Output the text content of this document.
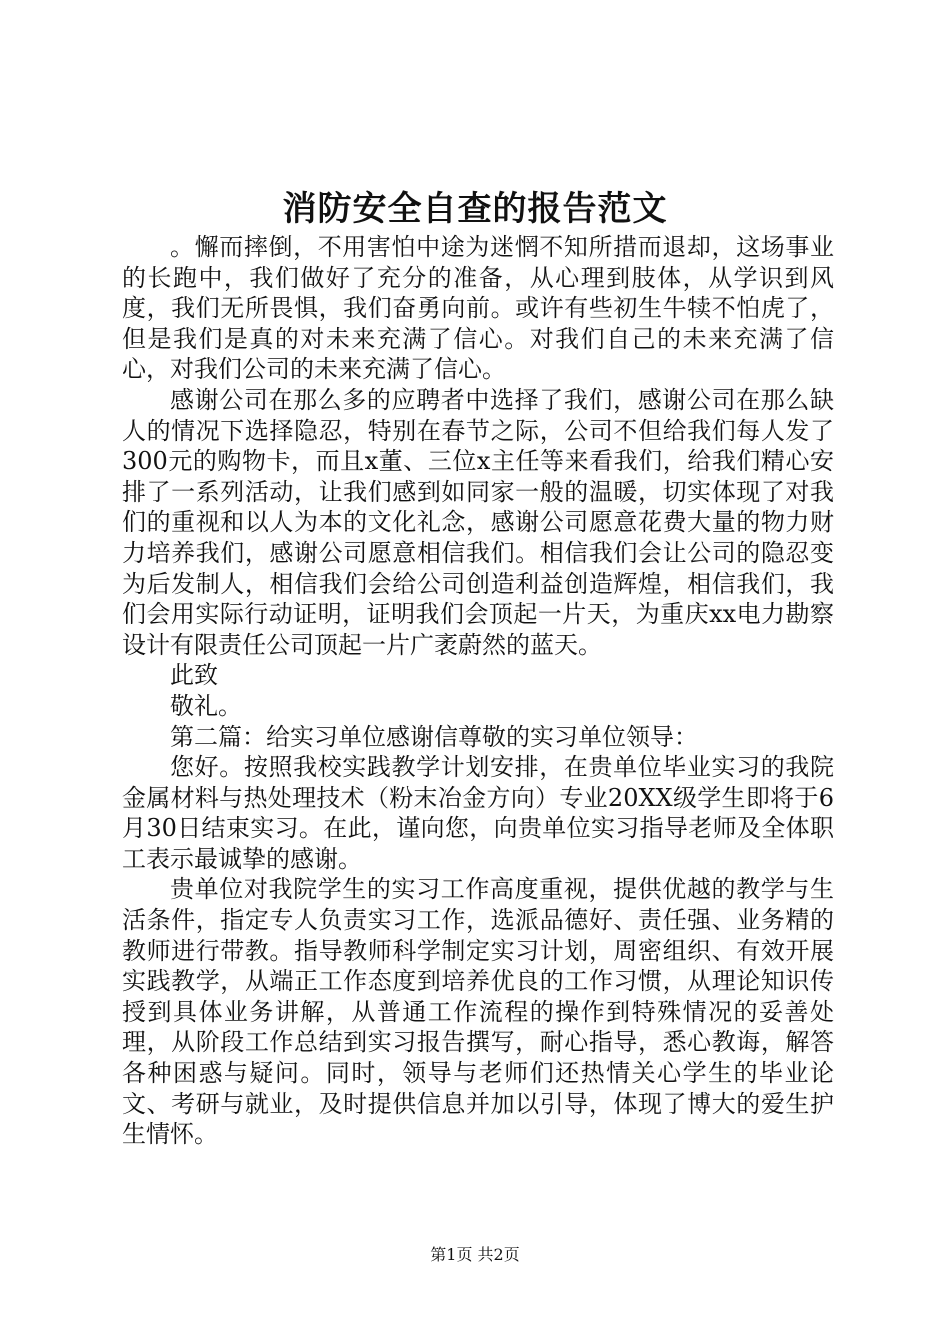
消防安全自查的报告范文

。懈而摔倒，不用害怕中途为迷惘不知所措而退却，这场事业的长跑中，我们做好了充分的准备，从心理到肢体，从学识到风度，我们无所畏惧，我们奋勇向前。或许有些初生牛犊不怕虎了，但是我们是真的对未来充满了信心。对我们自己的未来充满了信心，对我们公司的未来充满了信心。

感谢公司在那么多的应聘者中选择了我们，感谢公司在那么缺人的情况下选择隐忍，特别在春节之际，公司不但给我们每人发了300元的购物卡，而且x董、三位x主任等来看我们，给我们精心安排了一系列活动，让我们感到如同家一般的温暖，切实体现了对我们的重视和以人为本的文化礼念，感谢公司愿意花费大量的物力财力培养我们，感谢公司愿意相信我们。相信我们会让公司的隐忍变为后发制人，相信我们会给公司创造利益创造辉煌，相信我们，我们会用实际行动证明，证明我们会顶起一片天，为重庆xx电力勘察设计有限责任公司顶起一片广袤蔚然的蓝天。

此致

敬礼。

第二篇：给实习单位感谢信尊敬的实习单位领导：

您好。按照我校实践教学计划安排，在贵单位毕业实习的我院金属材料与热处理技术（粉末冶金方向）专业20XX级学生即将于6月30日结束实习。在此，谨向您，向贵单位实习指导老师及全体职工表示最诚挚的感谢。

贵单位对我院学生的实习工作高度重视，提供优越的教学与生活条件，指定专人负责实习工作，选派品德好、责任强、业务精的教师进行带教。指导教师科学制定实习计划，周密组织、有效开展实践教学，从端正工作态度到培养优良的工作习惯，从理论知识传授到具体业务讲解，从普通工作流程的操作到特殊情况的妥善处理，从阶段工作总结到实习报告撰写，耐心指导，悉心教诲，解答各种困惑与疑问。同时，领导与老师们还热情关心学生的毕业论文、考研与就业，及时提供信息并加以引导，体现了博大的爱生护生情怀。

第1页 共2页
